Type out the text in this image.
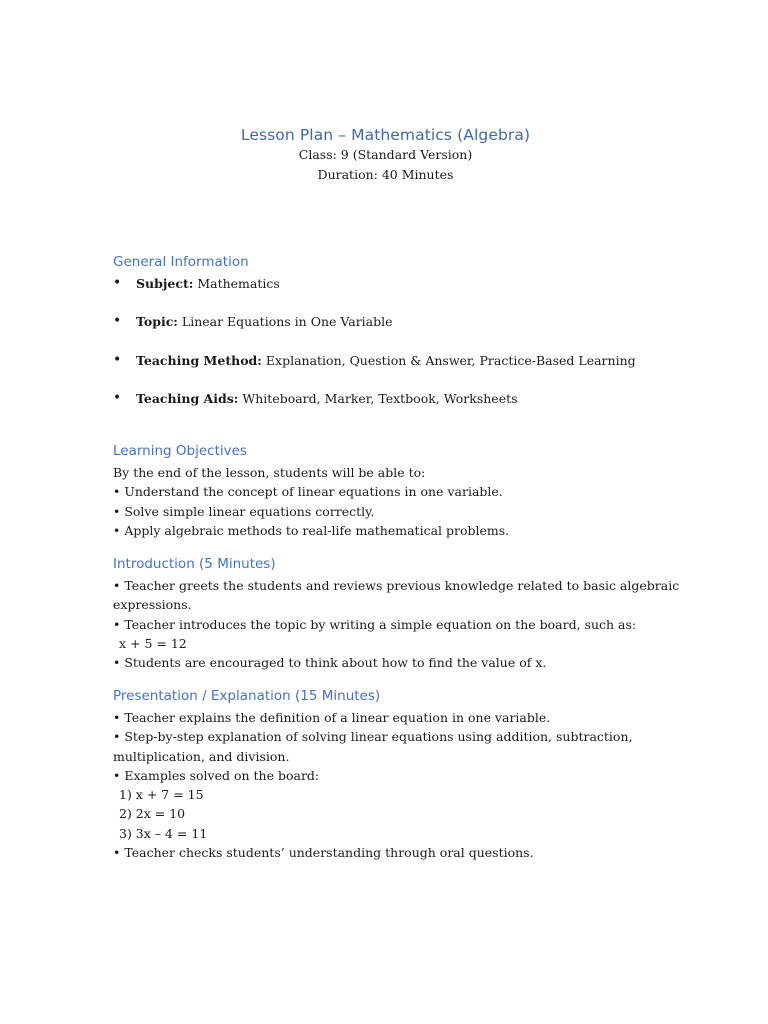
Lesson Plan – Mathematics (Algebra)

Class: 9 (Standard Version)

Duration: 40 Minutes

General Information
• Subject: Mathematics
• Topic: Linear Equations in One Variable
• Teaching Method: Explanation, Question & Answer, Practice-Based Learning
• Teaching Aids: Whiteboard, Marker, Textbook, Worksheets
Learning Objectives
By the end of the lesson, students will be able to:
• Understand the concept of linear equations in one variable.
• Solve simple linear equations correctly.
• Apply algebraic methods to real-life mathematical problems.
Introduction (5 Minutes)
• Teacher greets the students and reviews previous knowledge related to basic algebraic
expressions.
• Teacher introduces the topic by writing a simple equation on the board, such as:
x + 5 = 12
• Students are encouraged to think about how to find the value of x.
Presentation / Explanation (15 Minutes)
• Teacher explains the definition of a linear equation in one variable.
• Step-by-step explanation of solving linear equations using addition, subtraction,
multiplication, and division.
• Examples solved on the board:
1) x + 7 = 15
2) 2x = 10
3) 3x – 4 = 11
• Teacher checks students’ understanding through oral questions.
